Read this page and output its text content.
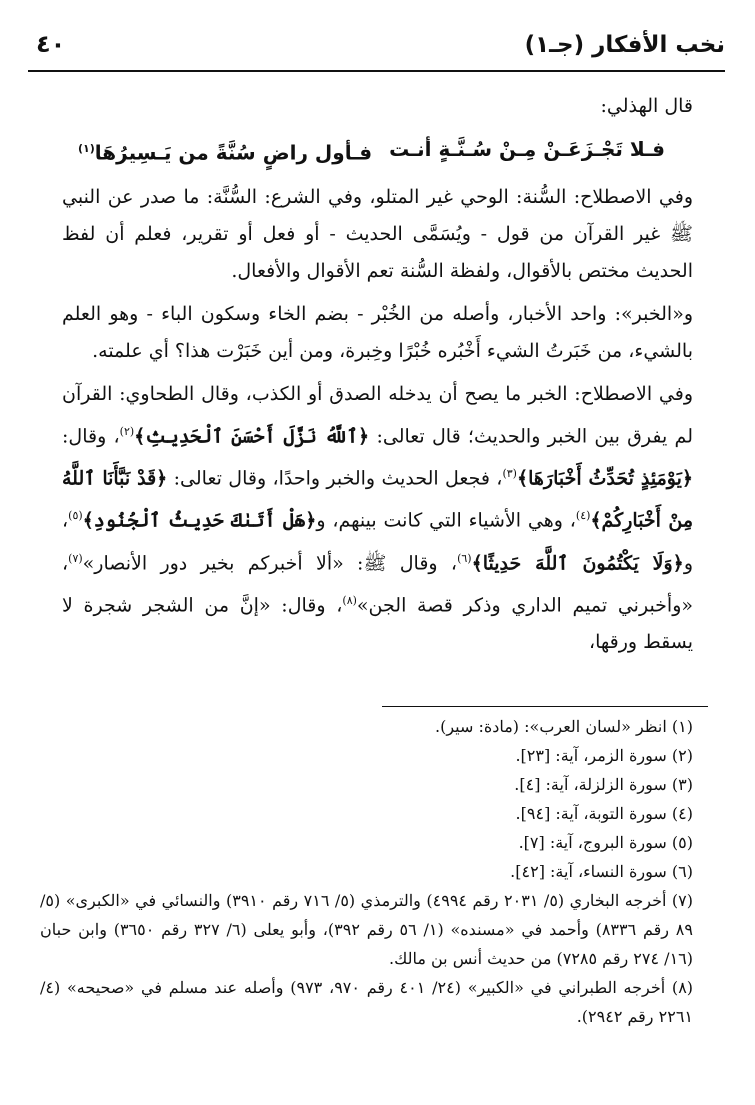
نخب الأفكار (جـ١)
٤٠

قال الهذلي:

فـلا تَجْـزَعَـنْ مِـنْ سُـنَّـةٍ أنـت
فـأول راضٍ سُنَّةً من يَـسِيرُهَا$^{(١)}$

وفي الاصطلاح: السُّنة: الوحي غير المتلو، وفي الشرع: السُّنَّة: ما صدر عن النبي ﷺ غير القرآن من قول - ويُسَمَّى الحديث - أو فعل أو تقرير، فعلم أن لفظ الحديث مختص بالأقوال، ولفظة السُّنة تعم الأقوال والأفعال.

و«الخبر»: واحد الأخبار، وأصله من الخُبْر - بضم الخاء وسكون الباء - وهو العلم بالشيء، من خَبَرتُ الشيء أَخْبُره خُبْرًا وخِبرة، ومن أين خَبَرْت هذا؟ أي علمته.

وفي الاصطلاح: الخبر ما يصح أن يدخله الصدق أو الكذب، وقال الطحاوي: القرآن لم يفرق بين الخبر والحديث؛ قال تعالى: ﴿ٱللَّهُ نَزَّلَ أَحْسَنَ ٱلْحَدِيثِ﴾$^{(٢)}$، وقال: ﴿يَوْمَئِذٍ تُحَدِّثُ أَخْبَارَهَا﴾$^{(٣)}$، فجعل الحديث والخبر واحدًا، وقال تعالى: ﴿قَدْ نَبَّأَنَا ٱللَّهُ مِنْ أَخْبَارِكُمْ﴾$^{(٤)}$، وهي الأشياء التي كانت بينهم، و﴿هَلْ أَتَىٰكَ حَدِيثُ ٱلْجُنُودِ﴾$^{(٥)}$، و﴿وَلَا يَكْتُمُونَ ٱللَّهَ حَدِيثًا﴾$^{(٦)}$، وقال ﷺ: «ألا أخبركم بخير دور الأنصار»$^{(٧)}$، «وأخبرني تميم الداري وذكر قصة الجن»$^{(٨)}$، وقال: «إنَّ من الشجر شجرة لا يسقط ورقها،

(١) انظر «لسان العرب»: (مادة: سير).

(٢) سورة الزمر، آية: [٢٣].

(٣) سورة الزلزلة، آية: [٤].

(٤) سورة التوبة، آية: [٩٤].

(٥) سورة البروج، آية: [٧].

(٦) سورة النساء، آية: [٤٢].

(٧) أخرجه البخاري (٥/ ٢٠٣١ رقم ٤٩٩٤) والترمذي (٥/ ٧١٦ رقم ٣٩١٠) والنسائي في «الكبرى» (٥/ ٨٩ رقم ٨٣٣٦) وأحمد في «مسنده» (١/ ٥٦ رقم ٣٩٢)، وأبو يعلى (٦/ ٣٢٧ رقم ٣٦٥٠) وابن حبان (١٦/ ٢٧٤ رقم ٧٢٨٥) من حديث أنس بن مالك.

(٨) أخرجه الطبراني في «الكبير» (٢٤/ ٤٠١ رقم ٩٧٠، ٩٧٣) وأصله عند مسلم في «صحيحه» (٤/ ٢٢٦١ رقم ٢٩٤٢).
